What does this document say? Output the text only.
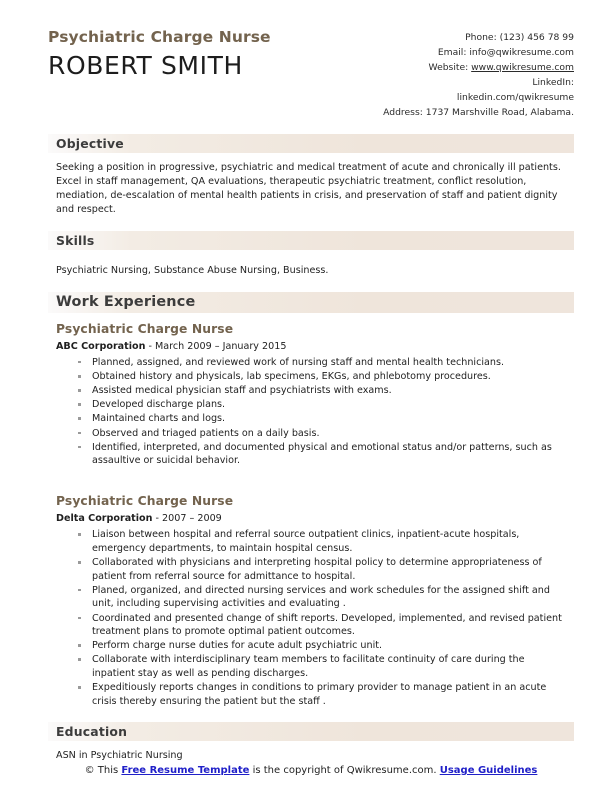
Psychiatric Charge Nurse
ROBERT SMITH
Phone: (123) 456 78 99
Email: info@qwikresume.com
Website: www.qwikresume.com
LinkedIn:
linkedin.com/qwikresume
Address: 1737 Marshville Road, Alabama.
Objective
Seeking a position in progressive, psychiatric and medical treatment of acute and chronically ill patients. Excel in staff management, QA evaluations, therapeutic psychiatric treatment, conflict resolution, mediation, de-escalation of mental health patients in crisis, and preservation of staff and patient dignity and respect.
Skills
Psychiatric Nursing, Substance Abuse Nursing, Business.
Work Experience
Psychiatric Charge Nurse
ABC Corporation - March 2009 – January 2015
Planned, assigned, and reviewed work of nursing staff and mental health technicians.
Obtained history and physicals, lab specimens, EKGs, and phlebotomy procedures.
Assisted medical physician staff and psychiatrists with exams.
Developed discharge plans.
Maintained charts and logs.
Observed and triaged patients on a daily basis.
Identified, interpreted, and documented physical and emotional status and/or patterns, such as assaultive or suicidal behavior.
Psychiatric Charge Nurse
Delta Corporation - 2007 – 2009
Liaison between hospital and referral source outpatient clinics, inpatient-acute hospitals, emergency departments, to maintain hospital census.
Collaborated with physicians and interpreting hospital policy to determine appropriateness of patient from referral source for admittance to hospital.
Planed, organized, and directed nursing services and work schedules for the assigned shift and unit, including supervising activities and evaluating .
Coordinated and presented change of shift reports. Developed, implemented, and revised patient treatment plans to promote optimal patient outcomes.
Perform charge nurse duties for acute adult psychiatric unit.
Collaborate with interdisciplinary team members to facilitate continuity of care during the inpatient stay as well as pending discharges.
Expeditiously reports changes in conditions to primary provider to manage patient in an acute crisis thereby ensuring the patient but the staff .
Education
ASN in Psychiatric Nursing
© This Free Resume Template is the copyright of Qwikresume.com. Usage Guidelines
